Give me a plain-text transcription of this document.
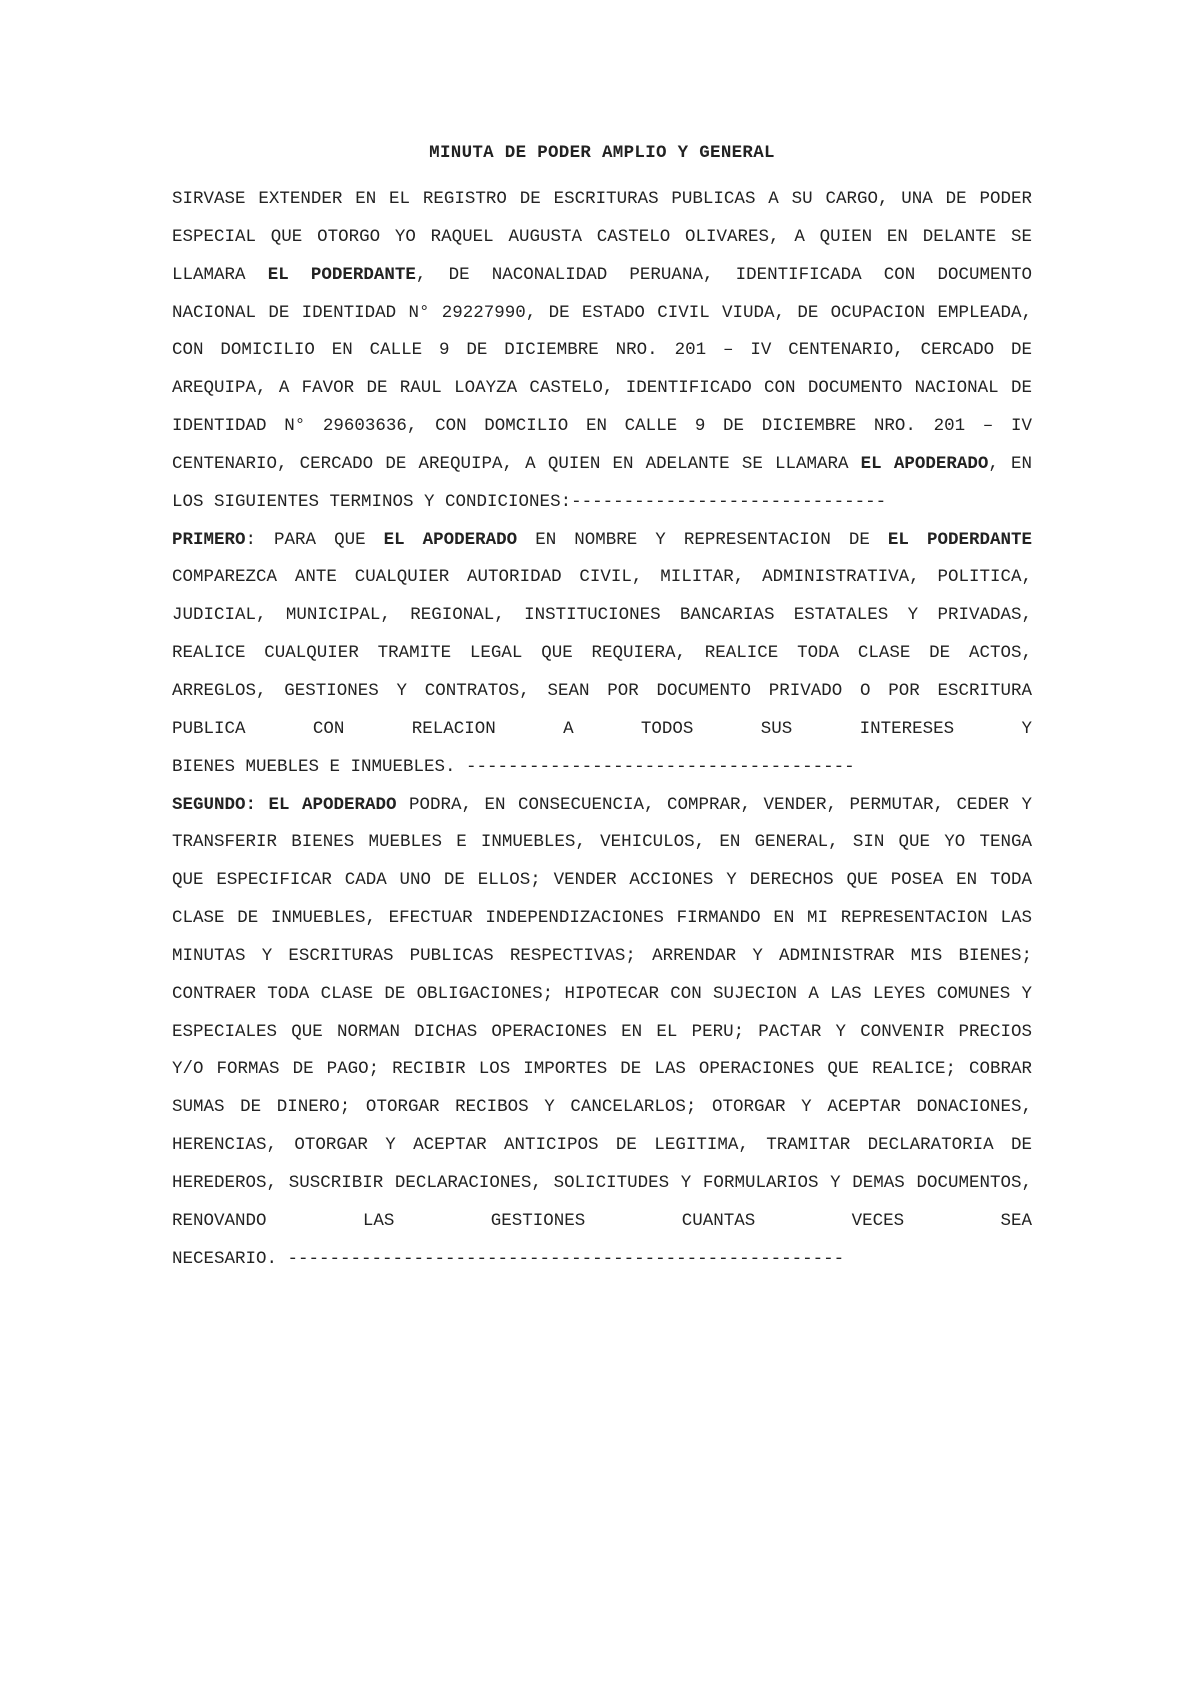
MINUTA DE PODER AMPLIO Y GENERAL

SIRVASE EXTENDER EN EL REGISTRO DE ESCRITURAS PUBLICAS A SU CARGO, UNA DE PODER ESPECIAL QUE OTORGO YO RAQUEL AUGUSTA CASTELO OLIVARES, A QUIEN EN DELANTE SE LLAMARA EL PODERDANTE, DE NACONALIDAD PERUANA, IDENTIFICADA CON DOCUMENTO NACIONAL DE IDENTIDAD N° 29227990, DE ESTADO CIVIL VIUDA, DE OCUPACION EMPLEADA, CON DOMICILIO EN CALLE 9 DE DICIEMBRE NRO. 201 – IV CENTENARIO, CERCADO DE AREQUIPA, A FAVOR DE RAUL LOAYZA CASTELO, IDENTIFICADO CON DOCUMENTO NACIONAL DE IDENTIDAD N° 29603636, CON DOMCILIO EN CALLE 9 DE DICIEMBRE NRO. 201 – IV CENTENARIO, CERCADO DE AREQUIPA, A QUIEN EN ADELANTE SE LLAMARA EL APODERADO, EN LOS SIGUIENTES TERMINOS Y CONDICIONES:------------------------------

PRIMERO: PARA QUE EL APODERADO EN NOMBRE Y REPRESENTACION DE EL PODERDANTE COMPAREZCA ANTE CUALQUIER AUTORIDAD CIVIL, MILITAR, ADMINISTRATIVA, POLITICA, JUDICIAL, MUNICIPAL, REGIONAL, INSTITUCIONES BANCARIAS ESTATALES Y PRIVADAS, REALICE CUALQUIER TRAMITE LEGAL QUE REQUIERA, REALICE TODA CLASE DE ACTOS, ARREGLOS, GESTIONES Y CONTRATOS, SEAN POR DOCUMENTO PRIVADO O POR ESCRITURA PUBLICA CON RELACION A TODOS SUS INTERESES Y BIENES MUEBLES E INMUEBLES. -------------------------------------

SEGUNDO: EL APODERADO PODRA, EN CONSECUENCIA, COMPRAR, VENDER, PERMUTAR, CEDER Y TRANSFERIR BIENES MUEBLES E INMUEBLES, VEHICULOS, EN GENERAL, SIN QUE YO TENGA QUE ESPECIFICAR CADA UNO DE ELLOS; VENDER ACCIONES Y DERECHOS QUE POSEA EN TODA CLASE DE INMUEBLES, EFECTUAR INDEPENDIZACIONES FIRMANDO EN MI REPRESENTACION LAS MINUTAS Y ESCRITURAS PUBLICAS RESPECTIVAS; ARRENDAR Y ADMINISTRAR MIS BIENES; CONTRAER TODA CLASE DE OBLIGACIONES; HIPOTECAR CON SUJECION A LAS LEYES COMUNES Y ESPECIALES QUE NORMAN DICHAS OPERACIONES EN EL PERU; PACTAR Y CONVENIR PRECIOS Y/O FORMAS DE PAGO; RECIBIR LOS IMPORTES DE LAS OPERACIONES QUE REALICE; COBRAR SUMAS DE DINERO; OTORGAR RECIBOS Y CANCELARLOS; OTORGAR Y ACEPTAR DONACIONES, HERENCIAS, OTORGAR Y ACEPTAR ANTICIPOS DE LEGITIMA, TRAMITAR DECLARATORIA DE HEREDEROS, SUSCRIBIR DECLARACIONES, SOLICITUDES Y FORMULARIOS Y DEMAS DOCUMENTOS, RENOVANDO LAS GESTIONES CUANTAS VECES SEA NECESARIO. -----------------------------------------------------
